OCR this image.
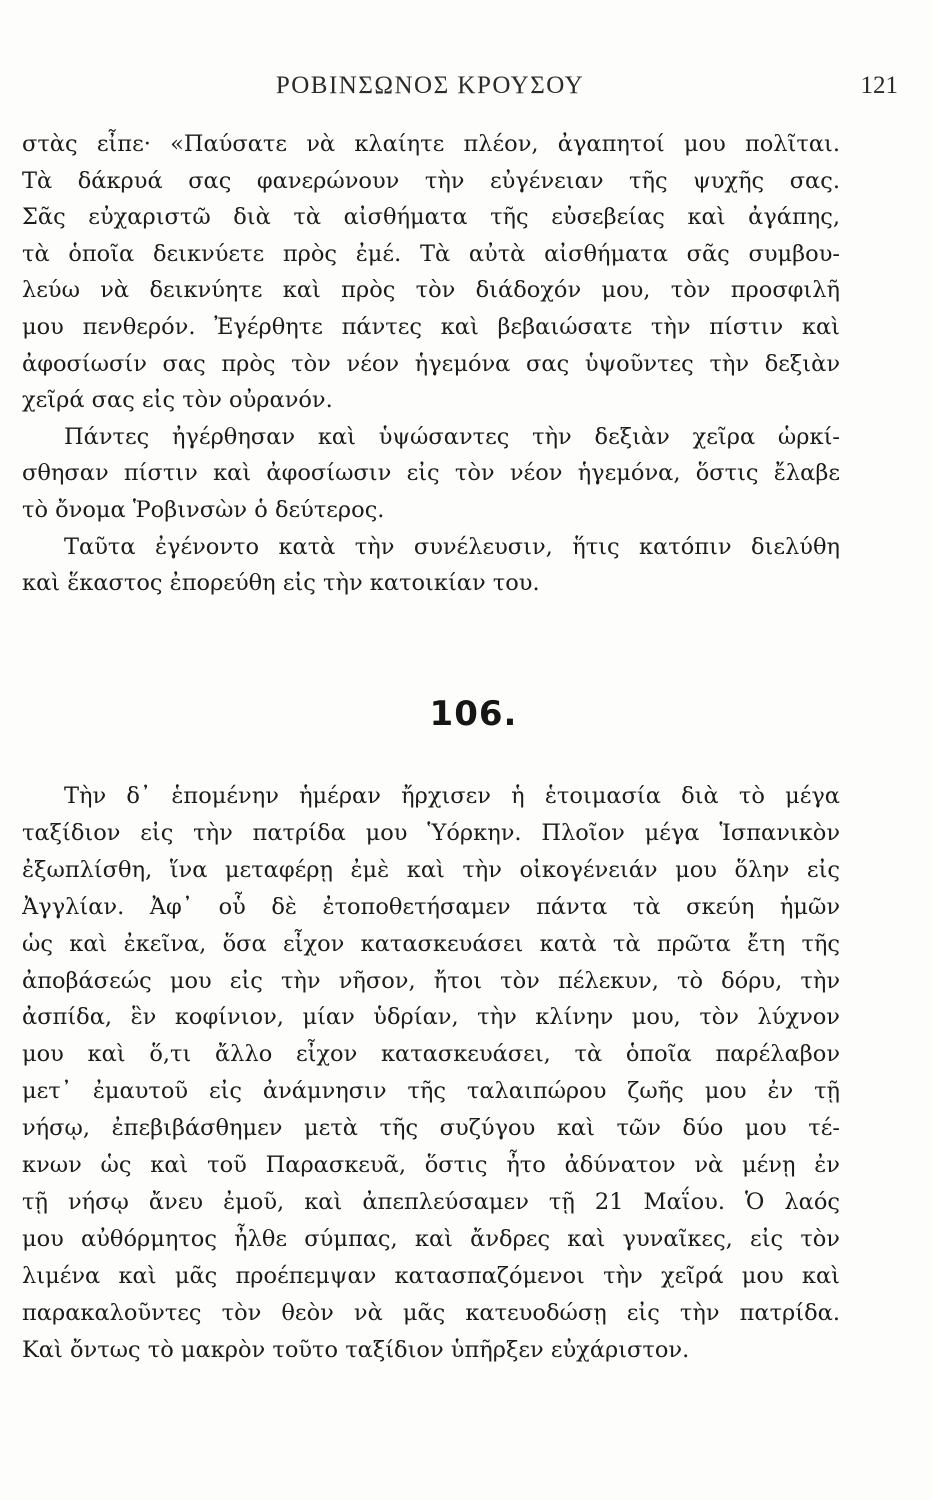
ΡΟΒΙΝΣΩΝΟΣ ΚΡΟΥΣΟΥ	121
στὰς εἶπε· «Παύσατε νὰ κλαίητε πλέον, ἀγαπητοί μου πολῖται.
Τὰ δάκρυά σας φανερώνουν τὴν εὐγένειαν τῆς ψυχῆς σας.
Σᾶς εὐχαριστῶ διὰ τὰ αἰσθήματα τῆς εὐσεβείας καὶ ἀγάπης,
τὰ ὁποῖα δεικνύετε πρὸς ἐμέ. Τὰ αὐτὰ αἰσθήματα σᾶς συμβου-
λεύω νὰ δεικνύητε καὶ πρὸς τὸν διάδοχόν μου, τὸν προσφιλῆ
μου πενθερόν. Ἐγέρθητε πάντες καὶ βεβαιώσατε τὴν πίστιν καὶ
ἀφοσίωσίν σας πρὸς τὸν νέον ἡγεμόνα σας ὑψοῦντες τὴν δεξιὰν
χεῖρά σας εἰς τὸν οὐρανόν.
Πάντες ἠγέρθησαν καὶ ὑψώσαντες τὴν δεξιὰν χεῖρα ὡρκί-
σθησαν πίστιν καὶ ἀφοσίωσιν εἰς τὸν νέον ἡγεμόνα, ὅστις ἔλαβε
τὸ ὄνομα Ῥοβινσὼν ὁ δεύτερος.
Ταῦτα ἐγένοντο κατὰ τὴν συνέλευσιν, ἥτις κατόπιν διελύθη
καὶ ἕκαστος ἐπορεύθη εἰς τὴν κατοικίαν του.
106.
Τὴν δ᾽ ἑπομένην ἡμέραν ἤρχισεν ἡ ἑτοιμασία διὰ τὸ μέγα
ταξίδιον εἰς τὴν πατρίδα μου Ὑόρκην. Πλοῖον μέγα Ἱσπανικὸν
ἐξωπλίσθη, ἵνα μεταφέρῃ ἐμὲ καὶ τὴν οἰκογένειάν μου ὅλην εἰς
Ἀγγλίαν. Ἀφ᾽ οὗ δὲ ἐτοποθετήσαμεν πάντα τὰ σκεύη ἡμῶν
ὡς καὶ ἐκεῖνα, ὅσα εἶχον κατασκευάσει κατὰ τὰ πρῶτα ἔτη τῆς
ἀποβάσεώς μου εἰς τὴν νῆσον, ἤτοι τὸν πέλεκυν, τὸ δόρυ, τὴν
ἀσπίδα, ἓν κοφίνιον, μίαν ὑδρίαν, τὴν κλίνην μου, τὸν λύχνον
μου καὶ ὅ,τι ἄλλο εἶχον κατασκευάσει, τὰ ὁποῖα παρέλαβον
μετ᾽ ἐμαυτοῦ εἰς ἀνάμνησιν τῆς ταλαιπώρου ζωῆς μου ἐν τῇ
νήσῳ, ἐπεβιβάσθημεν μετὰ τῆς συζύγου καὶ τῶν δύο μου τέ-
κνων ὡς καὶ τοῦ Παρασκευᾶ, ὅστις ἦτο ἀδύνατον νὰ μένῃ ἐν
τῇ νήσῳ ἄνευ ἐμοῦ, καὶ ἀπεπλεύσαμεν τῇ 21 Μαΐου. Ὁ λαός
μου αὐθόρμητος ἦλθε σύμπας, καὶ ἄνδρες καὶ γυναῖκες, εἰς τὸν
λιμένα καὶ μᾶς προέπεμψαν κατασπαζόμενοι τὴν χεῖρά μου καὶ
παρακαλοῦντες τὸν θεὸν νὰ μᾶς κατευοδώσῃ εἰς τὴν πατρίδα.
Καὶ ὄντως τὸ μακρὸν τοῦτο ταξίδιον ὑπῆρξεν εὐχάριστον.
